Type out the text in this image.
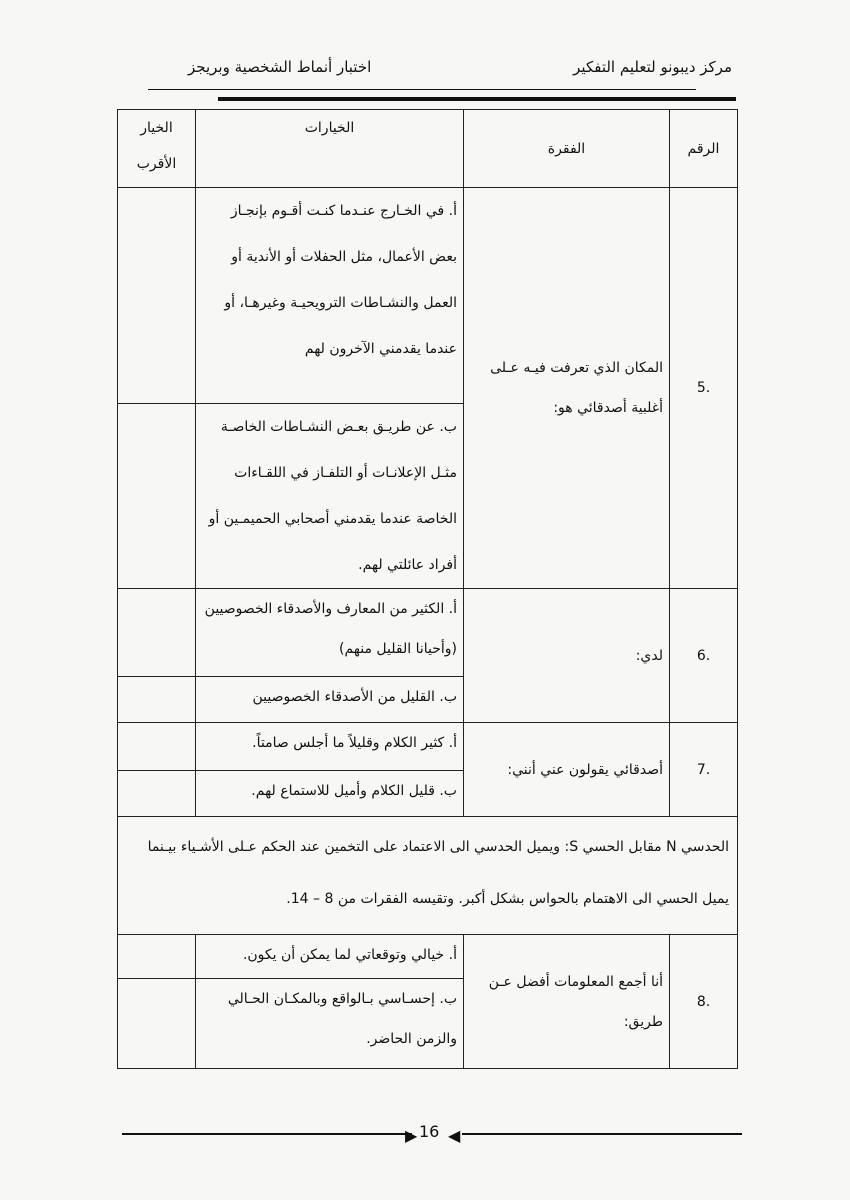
مركز ديبونو لتعليم التفكير
اختبار أنماط الشخصية وبريجز
الرقم	الفقرة	الخيارات	الخيار الأقرب
.5	المكان الذي تعرفت فيـه عـلى أغلبية أصدقائي هو:	أ. في الخـارج عنـدما كنـت أقـوم بإنجـاز بعض الأعمال، مثل الحفلات أو الأندية أو العمل والنشـاطات الترويحيـة وغيرهـا، أو عندما يقدمني الآخرون لهم	
		ب. عن طريـق بعـض النشـاطات الخاصـة مثـل الإعلانـات أو التلفـاز في اللقـاءات الخاصة عندما يقدمني أصحابي الحميمـين أو أفراد عائلتي لهم.	
.6	لدي:	أ. الكثير من المعارف والأصدقاء الخصوصيين (وأحيانا القليل منهم)	
		ب. القليل من الأصدقاء الخصوصيين	
.7	أصدقائي يقولون عني أنني:	أ. كثير الكلام وقليلاً ما أجلس صامتاً.	
		ب. قليل الكلام وأميل للاستماع لهم.	
الحدسي N مقابل الحسي S: ويميل الحدسي الى الاعتماد على التخمين عند الحكم عـلى الأشـياء بيـنما يميل الحسي الى الاهتمام بالحواس بشكل أكبر. وتقيسه الفقرات من 8 – 14.			
.8	أنا أجمع المعلومات أفضل عـن طريق:	أ. خيالي وتوقعاتي لما يمكن أن يكون.	
		ب. إحسـاسي بـالواقع وبالمكـان الحـالي والزمن الحاضر.	
▶ 16 ◀
